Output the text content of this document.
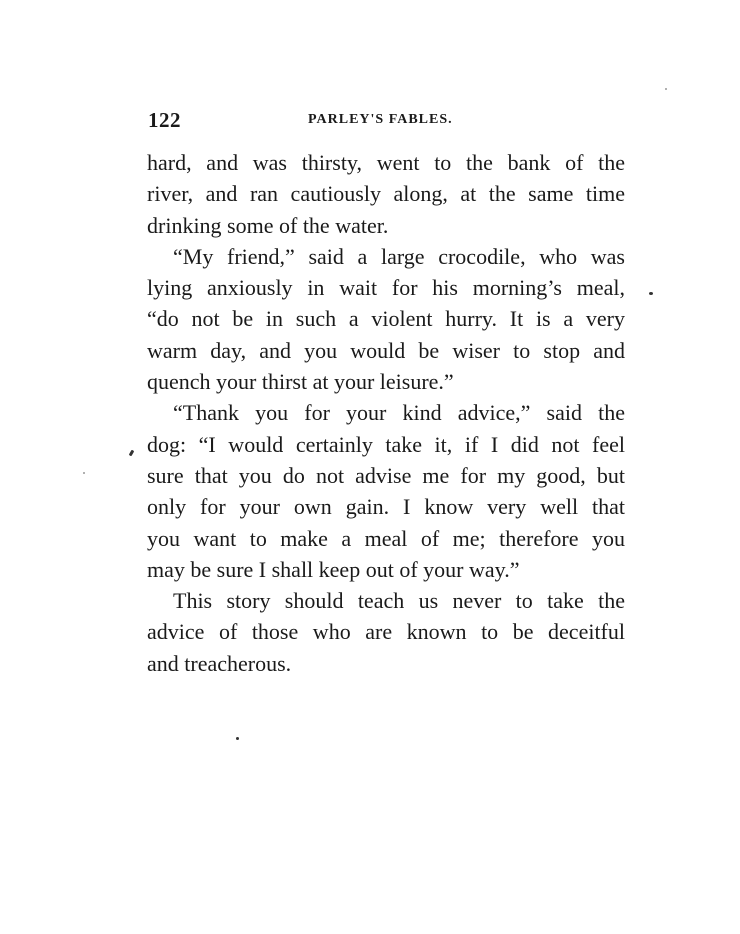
122	PARLEY'S FABLES.
hard, and was thirsty, went to the bank of the
river, and ran cautiously along, at the same time
drinking some of the water.
“My friend,” said a large crocodile, who was
lying anxiously in wait for his morning’s meal,
“do not be in such a violent hurry. It is a very
warm day, and you would be wiser to stop and
quench your thirst at your leisure.”
“Thank you for your kind advice,” said the
dog: “I would certainly take it, if I did not feel
sure that you do not advise me for my good, but
only for your own gain. I know very well that
you want to make a meal of me; therefore you
may be sure I shall keep out of your way.”
This story should teach us never to take the
advice of those who are known to be deceitful
and treacherous.
